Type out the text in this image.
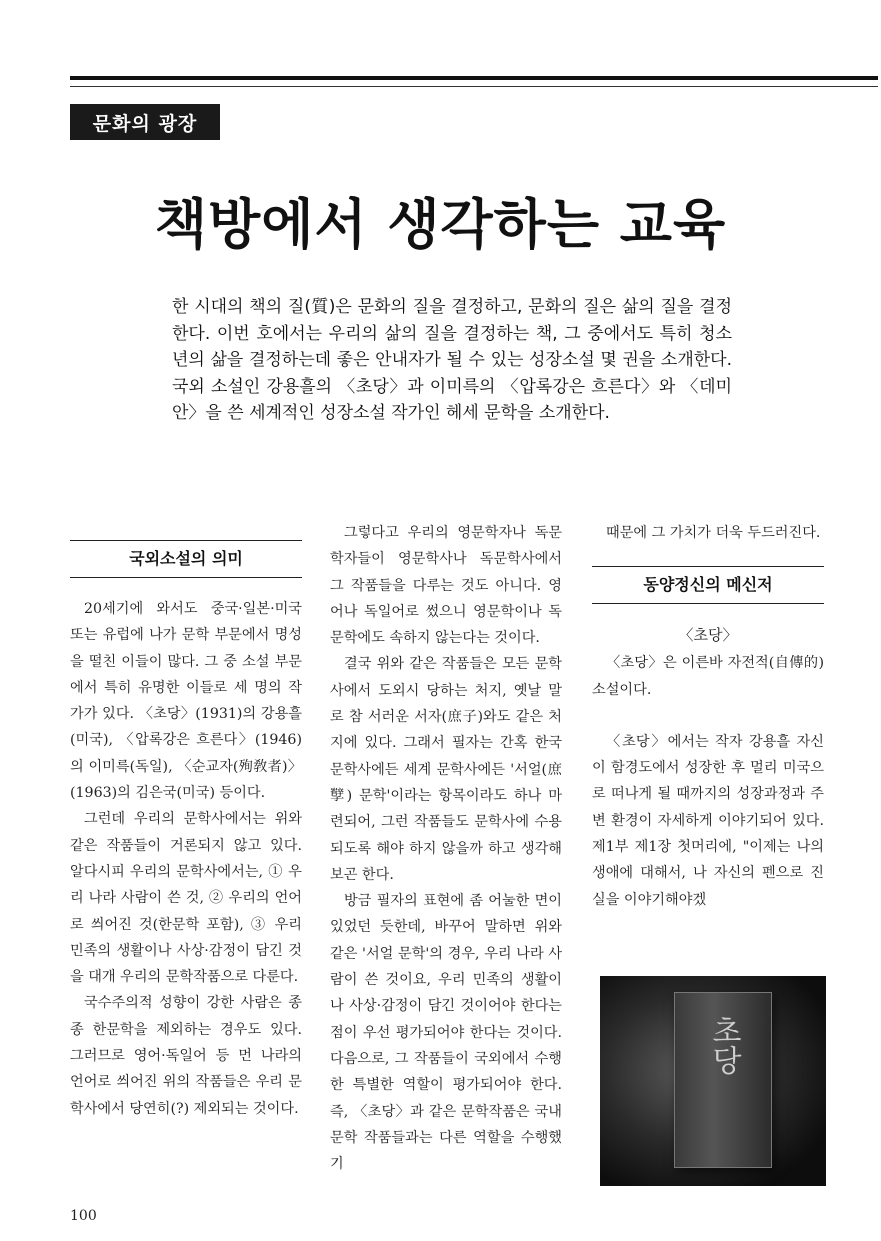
문화의 광장
책방에서 생각하는 교육

한 시대의 책의 질(質)은 문화의 질을 결정하고, 문화의 질은 삶의 질을 결정한다. 이번 호에서는 우리의 삶의 질을 결정하는 책, 그 중에서도 특히 청소년의 삶을 결정하는데 좋은 안내자가 될 수 있는 성장소설 몇 권을 소개한다. 국외 소설인 강용흘의 〈초당〉과 이미륵의 〈압록강은 흐른다〉와 〈데미안〉을 쓴 세계적인 성장소설 작가인 헤세 문학을 소개한다.

국외소설의 의미

20세기에 와서도 중국·일본·미국 또는 유럽에 나가 문학 부문에서 명성을 떨친 이들이 많다. 그 중 소설 부문에서 특히 유명한 이들로 세 명의 작가가 있다. 〈초당〉(1931)의 강용흘(미국), 〈압록강은 흐른다〉(1946)의 이미륵(독일), 〈순교자(殉敎者)〉(1963)의 김은국(미국) 등이다.

그런데 우리의 문학사에서는 위와 같은 작품들이 거론되지 않고 있다. 알다시피 우리의 문학사에서는, ① 우리 나라 사람이 쓴 것, ② 우리의 언어로 씌어진 것(한문학 포함), ③ 우리 민족의 생활이나 사상·감정이 담긴 것을 대개 우리의 문학작품으로 다룬다.

국수주의적 성향이 강한 사람은 종종 한문학을 제외하는 경우도 있다. 그러므로 영어·독일어 등 먼 나라의 언어로 씌어진 위의 작품들은 우리 문학사에서 당연히(?) 제외되는 것이다.

그렇다고 우리의 영문학자나 독문학자들이 영문학사나 독문학사에서 그 작품들을 다루는 것도 아니다. 영어나 독일어로 썼으니 영문학이나 독문학에도 속하지 않는다는 것이다.

결국 위와 같은 작품들은 모든 문학사에서 도외시 당하는 처지, 옛날 말로 참 서러운 서자(庶子)와도 같은 처지에 있다. 그래서 필자는 간혹 한국 문학사에든 세계 문학사에든 '서얼(庶孼) 문학'이라는 항목이라도 하나 마련되어, 그런 작품들도 문학사에 수용되도록 해야 하지 않을까 하고 생각해 보곤 한다.

방금 필자의 표현에 좀 어눌한 면이 있었던 듯한데, 바꾸어 말하면 위와 같은 '서얼 문학'의 경우, 우리 나라 사람이 쓴 것이요, 우리 민족의 생활이나 사상·감정이 담긴 것이어야 한다는 점이 우선 평가되어야 한다는 것이다. 다음으로, 그 작품들이 국외에서 수행한 특별한 역할이 평가되어야 한다. 즉, 〈초당〉과 같은 문학작품은 국내 문학 작품들과는 다른 역할을 수행했기

때문에 그 가치가 더욱 두드러진다.

동양정신의 메신저
〈초당〉

〈초당〉은 이른바 자전적(自傳的) 소설이다.

〈초당〉에서는 작자 강용흘 자신이 함경도에서 성장한 후 멀리 미국으로 떠나게 될 때까지의 성장과정과 주변 환경이 자세하게 이야기되어 있다. 제1부 제1장 첫머리에, "이제는 나의 생애에 대해서, 나 자신의 펜으로 진실을 이야기해야겠

초당
100
